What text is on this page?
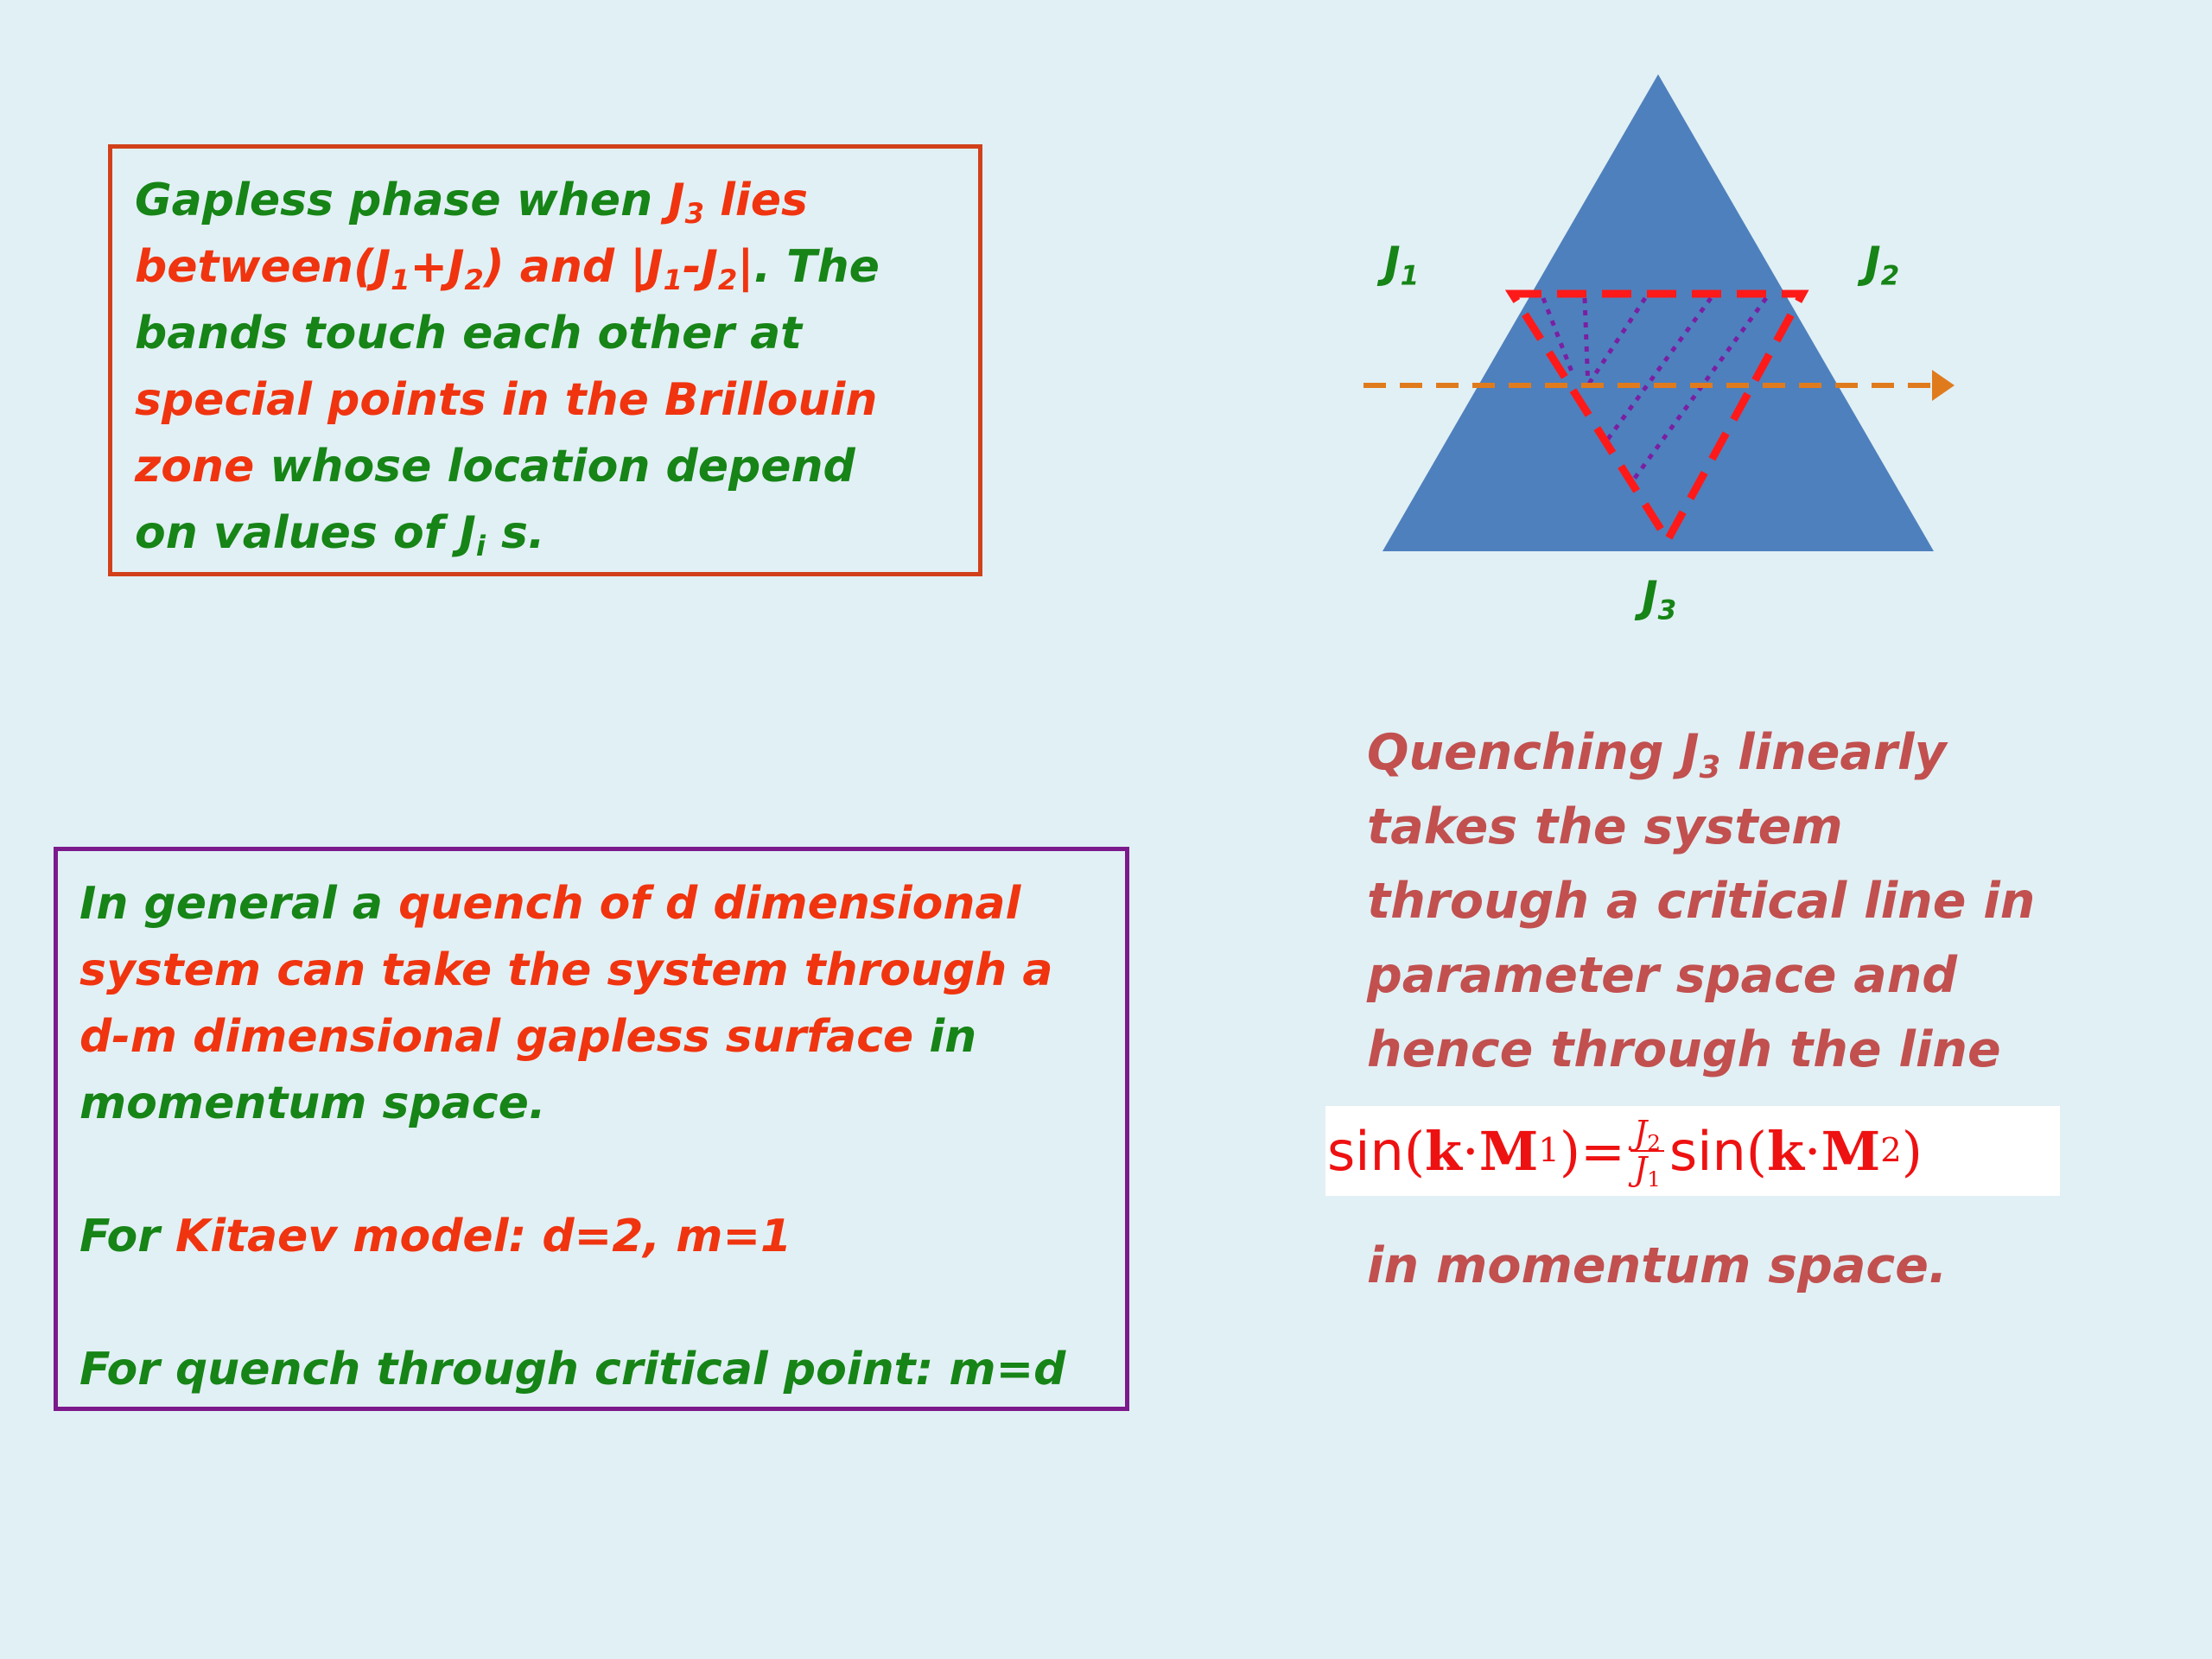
Gapless phase when $J_3$ lies
$between(J_1+J_2)$ and $|J_1-J_2|$. The
bands touch each other at
special points in the Brillouin
zone whose location depend
on values of $J_i$ s.
In general a quench of d dimensional
system can take the system through a
d-m dimensional gapless surface in
momentum space.
For Kitaev model: d=2, m=1
For quench through critical point: m=d
$J_1$	$J_2$
$J_3$
Quenching $J_3$ linearly
takes the system
through a critical line in
parameter space and
hence through the line
sin ( k · M 1 ) = $\frac{J_2}{J_1}$ sin ( k · M 2 )
in momentum space.
